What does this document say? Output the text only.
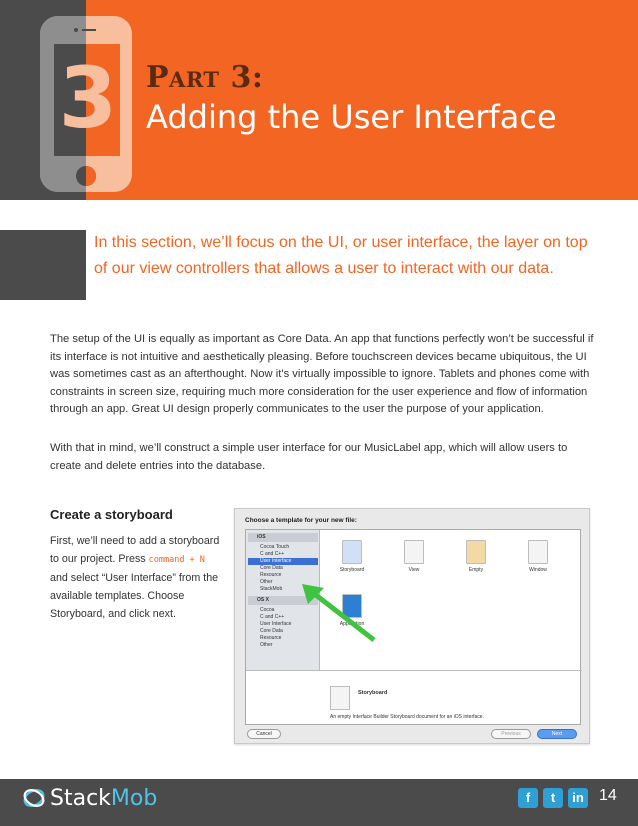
3 Part 3:
Adding the User Interface
In this section, we’ll focus on the UI, or user interface, the layer on top of our view controllers that allows a user to interact with our data.
The setup of the UI is equally as important as Core Data. An app that functions perfectly won’t be successful if its interface is not intuitive and aesthetically pleasing. Before touchscreen devices became ubiquitous, the UI was sometimes cast as an afterthought. Now it’s virtually impossible to ignore. Tablets and phones come with constraints in screen size, requiring much more consideration for the user experience and flow of information through an app. Great UI design properly communicates to the user the purpose of your application.
With that in mind, we’ll construct a simple user interface for our MusicLabel app, which will allow users to create and delete entries into the database.
Create a storyboard
First, we’ll need to add a storyboard to our project. Press command + N and select “User Interface” from the available templates. Choose Storyboard, and click next.
Choose a template for your new file:
iOS
Cocoa Touch
C and C++
User Interface
Core Data
Resource
Other
StackMob
OS X
Cocoa
C and C++
User Interface
Core Data
Resource
Other
Storyboard	View	Empty	Window
Application
Storyboard
An empty Interface Builder Storyboard document for an iOS interface.
Cancel	Previous	Next
StackMob	f	t	in 14
